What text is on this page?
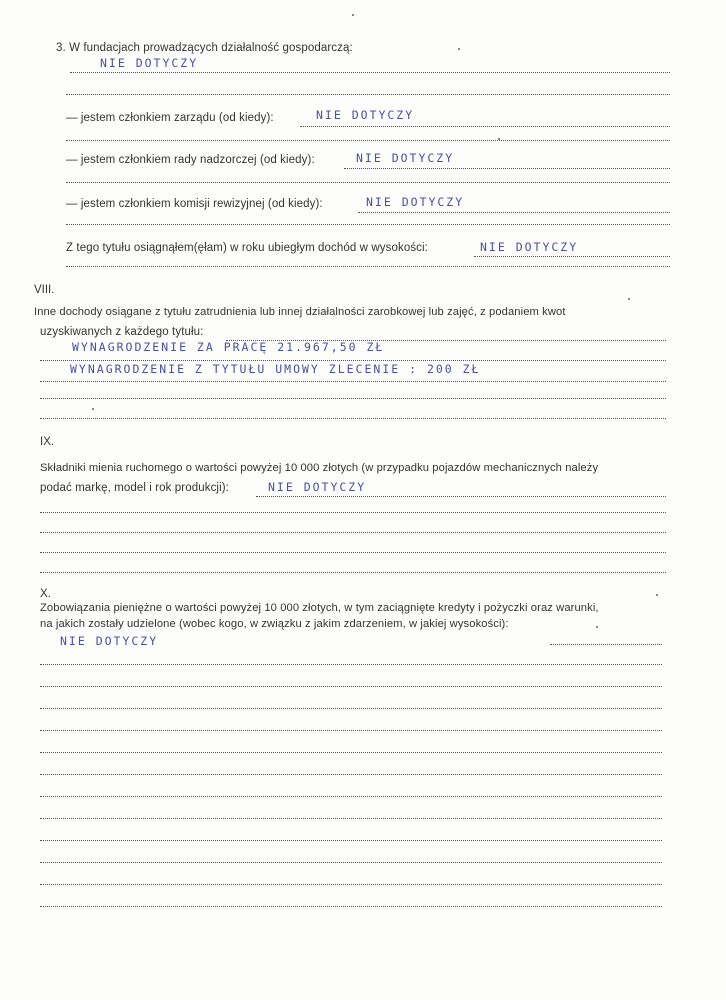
3. W fundacjach prowadzących działalność gospodarczą:
NIE DOTYCZY
— jestem członkiem zarządu (od kiedy):	NIE DOTYCZY
— jestem członkiem rady nadzorczej (od kiedy):	NIE DOTYCZY
— jestem członkiem komisji rewizyjnej (od kiedy):	NIE DOTYCZY
Z tego tytułu osiągnąłem(ęłam) w roku ubiegłym dochód w wysokości:	NIE DOTYCZY
VIII.
Inne dochody osiągane z tytułu zatrudnienia lub innej działalności zarobkowej lub zajęć, z podaniem kwot
uzyskiwanych z każdego tytułu:
WYNAGRODZENIE ZA PRACĘ 21.967,50 ZŁ
WYNAGRODZENIE Z TYTUŁU UMOWY ZLECENIE : 200 ZŁ
IX.
Składniki mienia ruchomego o wartości powyżej 10 000 złotych (w przypadku pojazdów mechanicznych należy
podać markę, model i rok produkcji):	NIE DOTYCZY
X.
Zobowiązania pieniężne o wartości powyżej 10 000 złotych, w tym zaciągnięte kredyty i pożyczki oraz warunki,
na jakich zostały udzielone (wobec kogo, w związku z jakim zdarzeniem, w jakiej wysokości):
NIE DOTYCZY
